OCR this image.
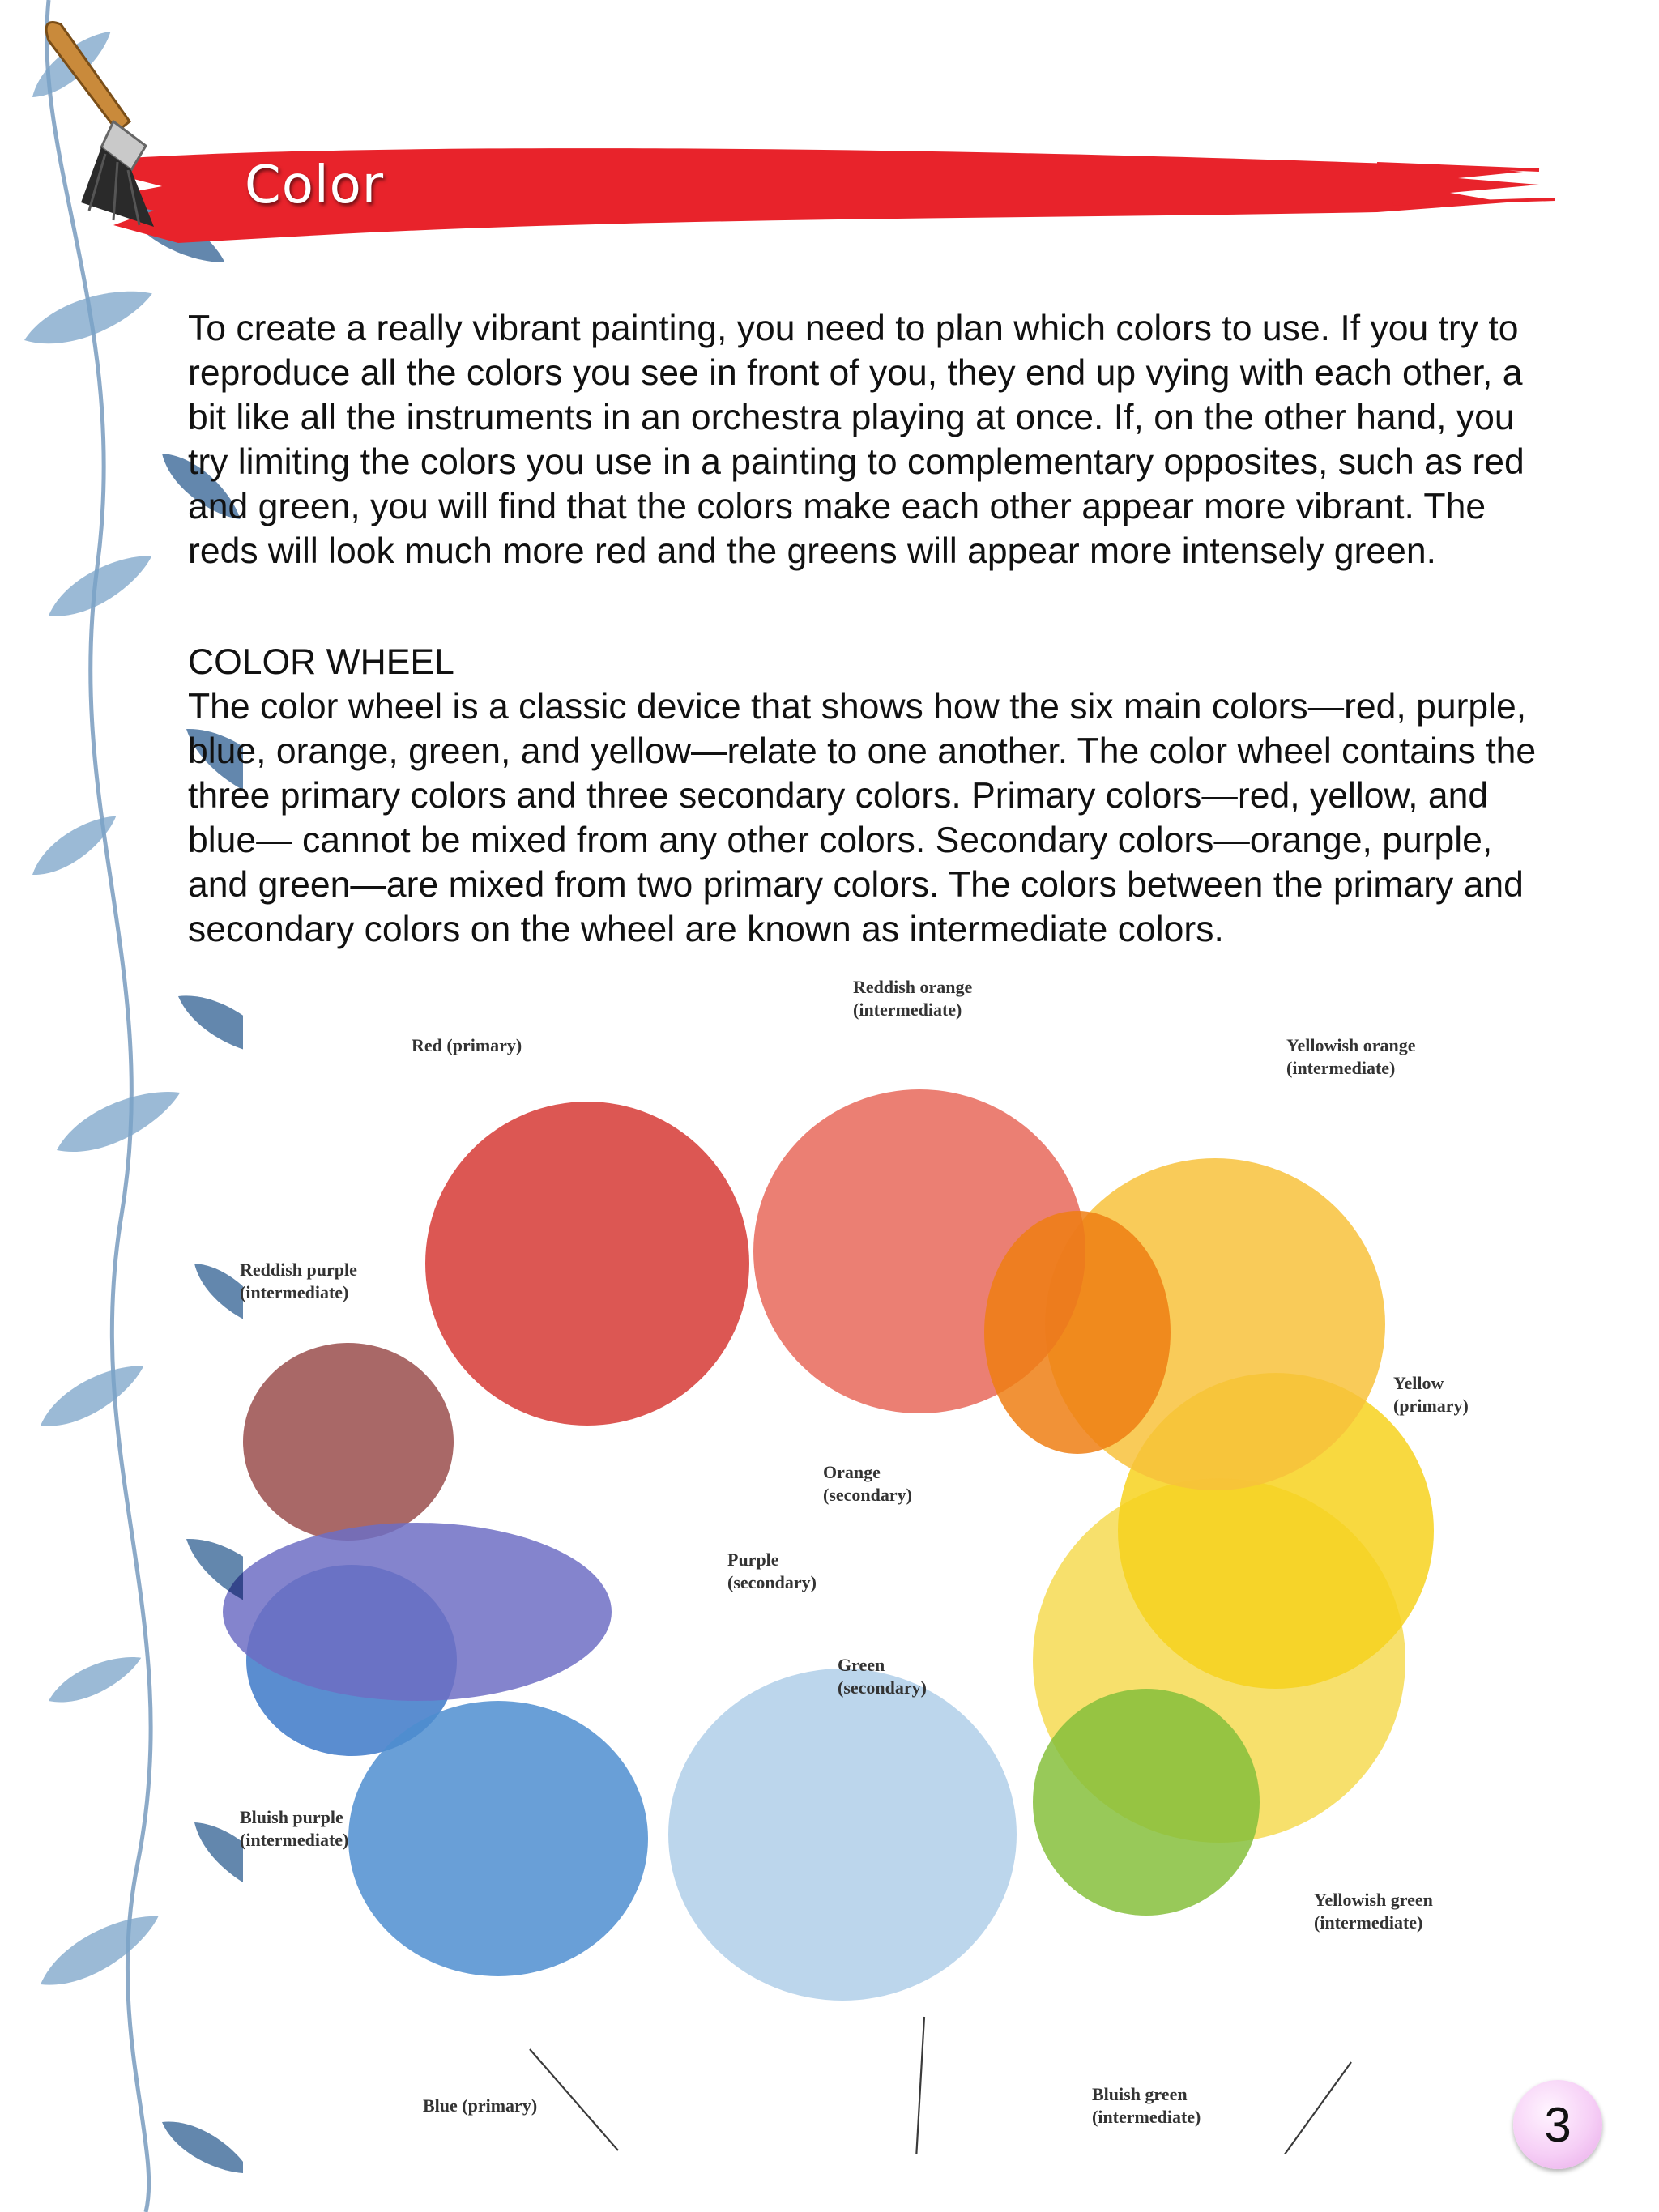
Color

To create a really vibrant painting, you need to plan which colors to use. If you try to
reproduce all the colors you see in front of you, they end up vying with each other, a
bit like all the instruments in an orchestra playing at once. If, on the other hand, you
try limiting the colors you use in a painting to complementary opposites, such as red
and green, you will find that the colors make each other appear more vibrant. The
reds will look much more red and the greens will appear more intensely green.

COLOR WHEEL

The color wheel is a classic device that shows how the six main colors—red, purple,
blue, orange, green, and yellow—relate to one another. The color wheel contains the
three primary colors and three secondary colors. Primary colors—red, yellow, and
blue— cannot be mixed from any other colors. Secondary colors—orange, purple,
and green—are mixed from two primary colors. The colors between the primary and
secondary colors on the wheel are known as intermediate colors.

Reddish orange
(intermediate)
Red (primary)	Yellowish orange
(intermediate)
Reddish purple
(intermediate)
Yellow
(primary)
Orange
(secondary)
Purple
(secondary)
Green
(secondary)
Bluish purple
(intermediate)
Yellowish green
(intermediate)
Bluish green
(intermediate)
Blue (primary)	3
